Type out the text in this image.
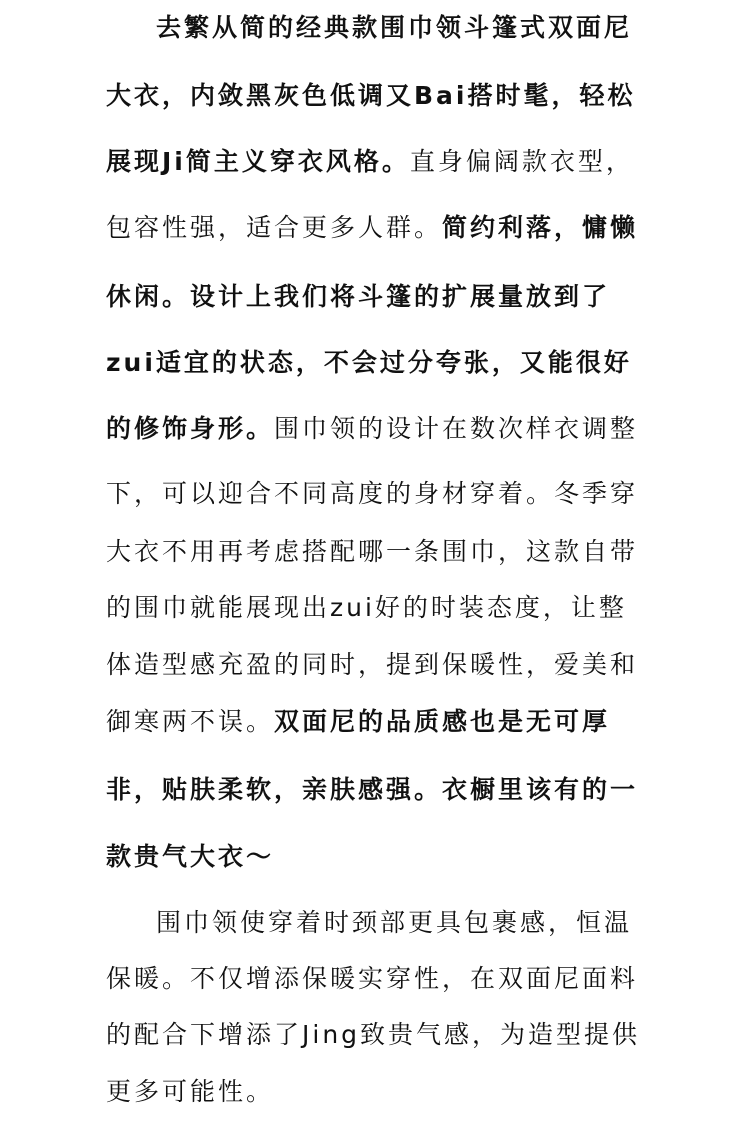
去繁从简的经典款围巾领斗篷式双面尼
大衣，内敛黑灰色低调又Bai搭时髦，轻松
展现Ji简主义穿衣风格。直身偏阔款衣型，
包容性强，适合更多人群。简约利落，慵懒
休闲。设计上我们将斗篷的扩展量放到了
zui适宜的状态，不会过分夸张，又能很好
的修饰身形。围巾领的设计在数次样衣调整
下，可以迎合不同高度的身材穿着。冬季穿
大衣不用再考虑搭配哪一条围巾，这款自带
的围巾就能展现出zui好的时装态度，让整
体造型感充盈的同时，提到保暖性，爱美和
御寒两不误。双面尼的品质感也是无可厚
非，贴肤柔软，亲肤感强。衣橱里该有的一
款贵气大衣～
围巾领使穿着时颈部更具包裹感，恒温
保暖。不仅增添保暖实穿性，在双面尼面料
的配合下增添了Jing致贵气感，为造型提供
更多可能性。
